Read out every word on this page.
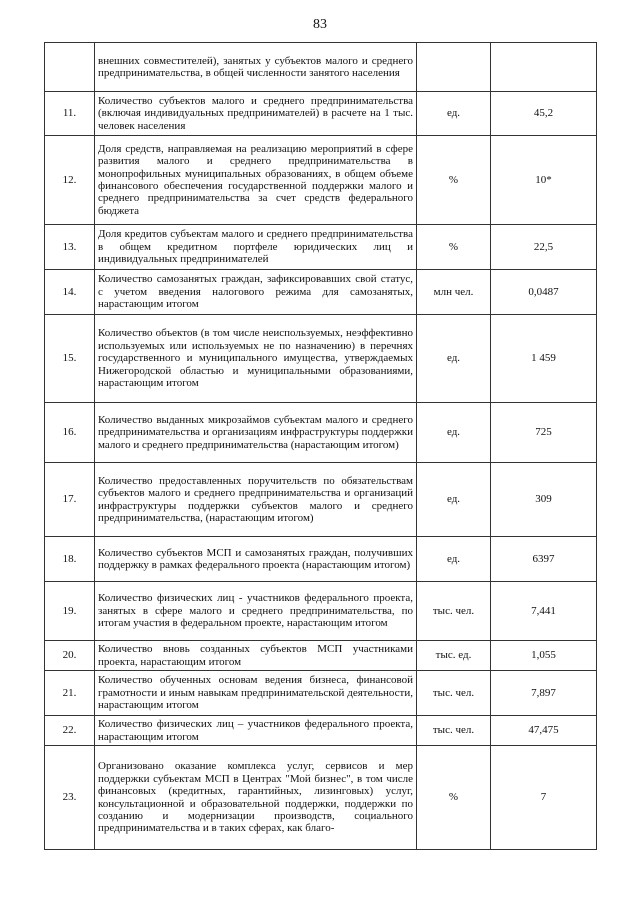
83
	внешних совместителей), занятых у субъектов малого и среднего предпринимательства, в общей численности занятого населения		
11.	Количество субъектов малого и среднего предпринимательства (включая индивидуальных предпринимателей) в расчете на 1 тыс. человек населения	ед.	45,2
12.	Доля средств, направляемая на реализацию мероприятий в сфере развития малого и среднего предпринимательства в монопрофильных муниципальных образованиях, в общем объеме финансового обеспечения государственной поддержки малого и среднего предпринимательства за счет средств федерального бюджета	%	10*
13.	Доля кредитов субъектам малого и среднего предпринимательства в общем кредитном портфеле юридических лиц и индивидуальных предпринимателей	%	22,5
14.	Количество самозанятых граждан, зафиксировавших свой статус, с учетом введения налогового режима для самозанятых, нарастающим итогом	млн чел.	0,0487
15.	Количество объектов (в том числе неиспользуемых, неэффективно используемых или используемых не по назначению) в перечнях государственного и муниципального имущества, утверждаемых Нижегородской областью и муниципальными образованиями, нарастающим итогом	ед.	1 459
16.	Количество выданных микрозаймов субъектам малого и среднего предпринимательства и организациям инфраструктуры поддержки малого и среднего предпринимательства (нарастающим итогом)	ед.	725
17.	Количество предоставленных поручительств по обязательствам субъектов малого и среднего предпринимательства и организаций инфраструктуры поддержки субъектов малого и среднего предпринимательства, (нарастающим итогом)	ед.	309
18.	Количество субъектов МСП и самозанятых граждан, получивших поддержку в рамках федерального проекта (нарастающим итогом)	ед.	6397
19.	Количество физических лиц - участников федерального проекта, занятых в сфере малого и среднего предпринимательства, по итогам участия в федеральном проекте, нарастающим итогом	тыс. чел.	7,441
20.	Количество вновь созданных субъектов МСП участниками проекта, нарастающим итогом	тыс. ед.	1,055
21.	Количество обученных основам ведения бизнеса, финансовой грамотности и иным навыкам предпринимательской деятельности, нарастающим итогом	тыс. чел.	7,897
22.	Количество физических лиц – участников федерального проекта, нарастающим итогом	тыс. чел.	47,475
23.	Организовано оказание комплекса услуг, сервисов и мер поддержки субъектам МСП в Центрах "Мой бизнес", в том числе финансовых (кредитных, гарантийных, лизинговых) услуг, консультационной и образовательной поддержки, поддержки по созданию и модернизации производств, социального предпринимательства и в таких сферах, как благо-	%	7
